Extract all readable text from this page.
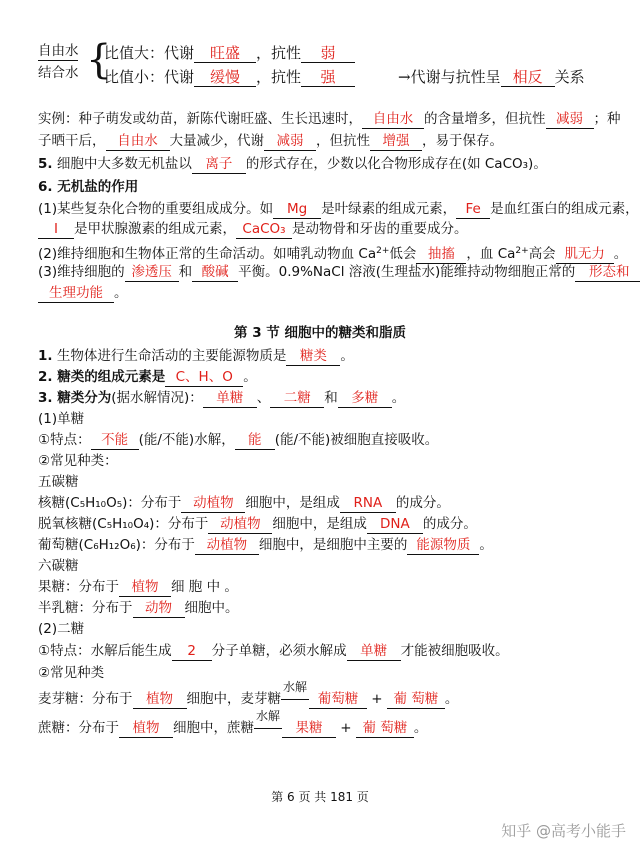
自由水
结合水 {
比值大：代谢 旺盛 ，抗性 弱
比值小：代谢 缓慢 ，抗性 强	→代谢与抗性呈 相反 关系
实例：种子萌发或幼苗，新陈代谢旺盛、生长迅速时， 自由水 的含量增多，但抗性 减弱 ；种
子晒干后， 自由水 大量减少，代谢 减弱 ，但抗性 增强 ，易于保存。
5. 细胞中大多数无机盐以 离子 的形式存在，少数以化合物形成存在(如 CaCO₃)。
6. 无机盐的作用
(1)某些复杂化合物的重要组成成分。如 Mg 是叶绿素的组成元素， Fe 是血红蛋白的组成元素，
I 是甲状腺激素的组成元素， CaCO₃ 是动物骨和牙齿的重要成分。
(2)维持细胞和生物体正常的生命活动。如哺乳动物血 $Ca^{2+}$低会 抽搐 ，血 $Ca^{2+}$高会 肌无力 。
(3)维持细胞的 渗透压 和 酸碱 平衡。0.9%NaCl 溶液(生理盐水)能维持动物细胞正常的 形态和
生理功能 。
第 3 节 细胞中的糖类和脂质
1. 生物体进行生命活动的主要能源物质是 糖类 。
2. 糖类的组成元素是 C、H、O 。
3. 糖类分为(据水解情况)： 单糖 、 二糖 和 多糖 。
(1)单糖
①特点： 不能 (能/不能)水解， 能 (能/不能)被细胞直接吸收。
②常见种类：
五碳糖
核糖(C₅H₁₀O₅)：分布于 动植物 细胞中，是组成 RNA 的成分。
脱氧核糖(C₅H₁₀O₄)：分布于 动植物 细胞中，是组成 DNA 的成分。
葡萄糖(C₆H₁₂O₆)：分布于 动植物 细胞中，是细胞中主要的 能源物质 。
六碳糖
果糖：分布于 植物 细 胞 中 。
半乳糖：分布于 动物 细胞中。
(2)二糖
①特点：水解后能生成 2 分子单糖，必须水解成 单糖 才能被细胞吸收。
②常见种类
麦芽糖：分布于 植物 细胞中，麦芽糖
水解
葡萄糖 + 葡 萄糖 。
蔗糖：分布于 植物 细胞中，蔗糖
水解
果糖 + 葡 萄糖 。
第 6 页 共 181 页
知乎 @高考小能手
